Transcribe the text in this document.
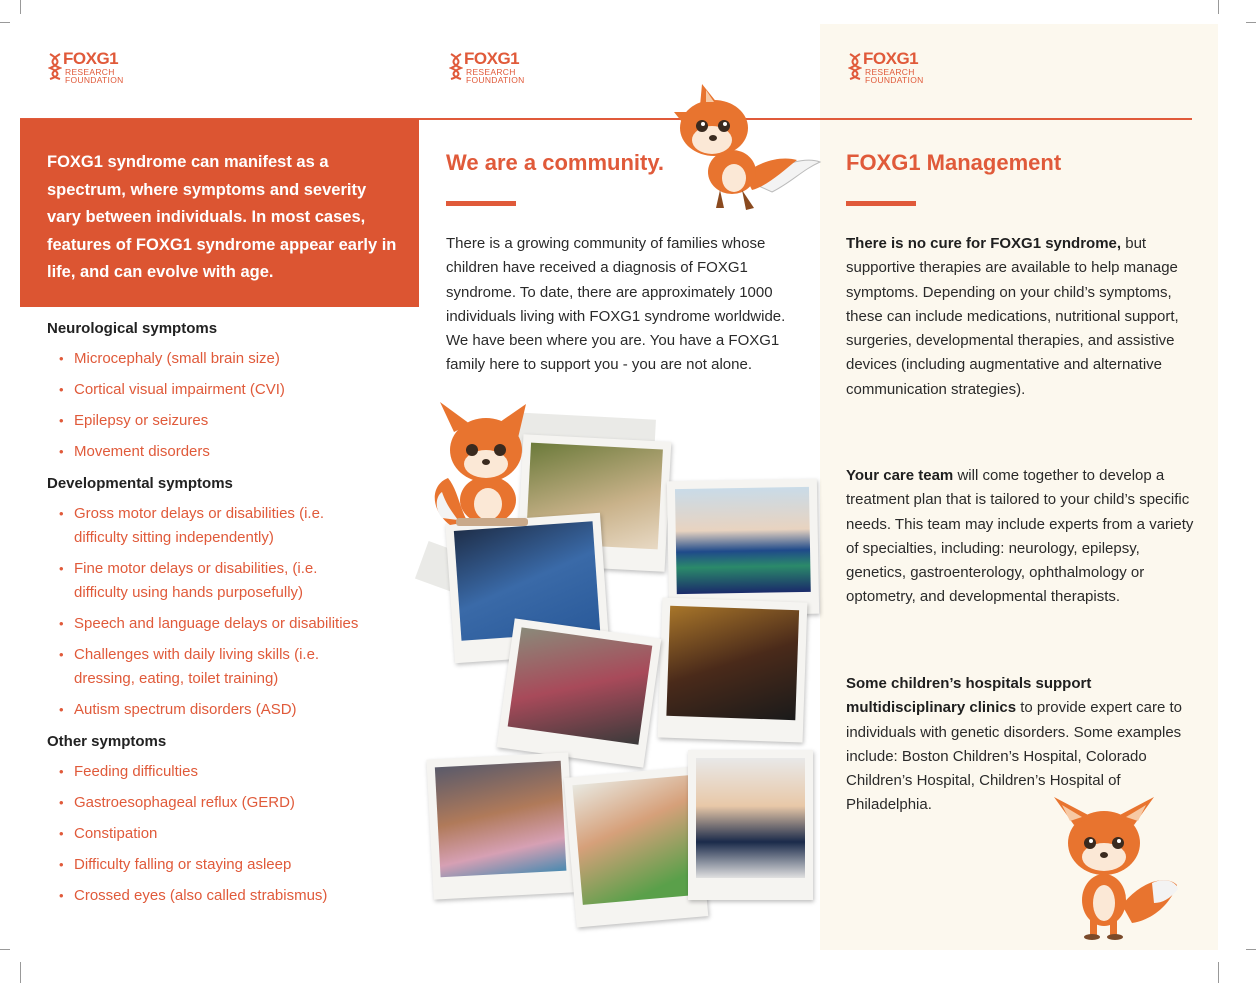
FOXG1
RESEARCH
FOUNDATION
FOXG1
RESEARCH
FOUNDATION
FOXG1
RESEARCH
FOUNDATION

FOXG1 syndrome can manifest as a spectrum, where symptoms and severity vary between individuals. In most cases, features of FOXG1 syndrome appear early in life, and can evolve with age.

Neurological symptoms
• Microcephaly (small brain size)
• Cortical visual impairment (CVI)
• Epilepsy or seizures
• Movement disorders
Developmental symptoms
• Gross motor delays or disabilities (i.e. difficulty sitting independently)
• Fine motor delays or disabilities, (i.e. difficulty using hands purposefully)
• Speech and language delays or disabilities
• Challenges with daily living skills (i.e. dressing, eating, toilet training)
• Autism spectrum disorders (ASD)
Other symptoms
• Feeding difficulties
• Gastroesophageal reflux (GERD)
• Constipation
• Difficulty falling or staying asleep
• Crossed eyes (also called strabismus)
We are a community.

There is a growing community of families whose children have received a diagnosis of FOXG1 syndrome. To date, there are approximately 1000 individuals living with FOXG1 syndrome worldwide. We have been where you are. You have a FOXG1 family here to support you - you are not alone.

FOXG1 Management

There is no cure for FOXG1 syndrome, but supportive therapies are available to help manage symptoms. Depending on your child’s symptoms, these can include medications, nutritional support, surgeries, developmental therapies, and assistive devices (including augmentative and alternative communication strategies).

Your care team will come together to develop a treatment plan that is tailored to your child’s specific needs. This team may include experts from a variety of specialties, including: neurology, epilepsy, genetics, gastroenterology, ophthalmology or optometry, and developmental therapists.

Some children’s hospitals support multidisciplinary clinics to provide expert care to individuals with genetic disorders. Some examples include: Boston Children’s Hospital, Colorado Children’s Hospital, Children’s Hospital of Philadelphia.
